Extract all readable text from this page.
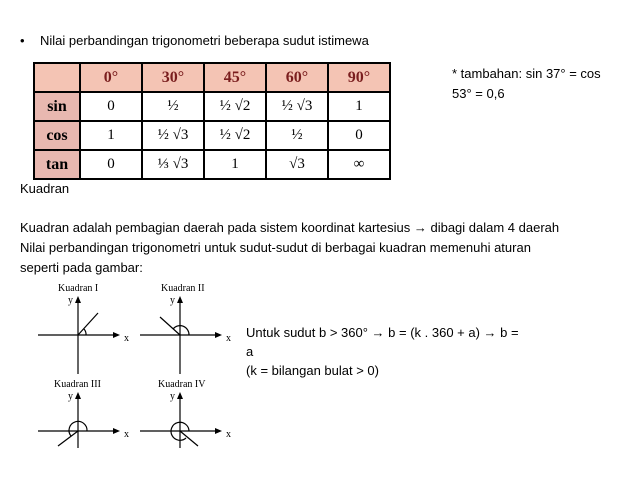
• Nilai perbandingan trigonometri beberapa sudut istimewa
	0°	30°	45°	60°	90°
sin	0	½	½ √2	½ √3	1
cos	1	½ √3	½ √2	½	0
tan	0	⅓ √3	1	√3	∞
* tambahan: sin 37° = cos
53° = 0,6
Kuadran
Kuadran adalah pembagian daerah pada sistem koordinat kartesius → dibagi dalam 4 daerah
Nilai perbandingan trigonometri untuk sudut-sudut di berbagai kuadran memenuhi aturan
seperti pada gambar:
Kuadran I
y
x
Kuadran II
y
x
Kuadran III
y
x
Kuadran IV
y
x
Untuk sudut b > 360° → b = (k . 360 + a) → b =
a
(k = bilangan bulat > 0)
